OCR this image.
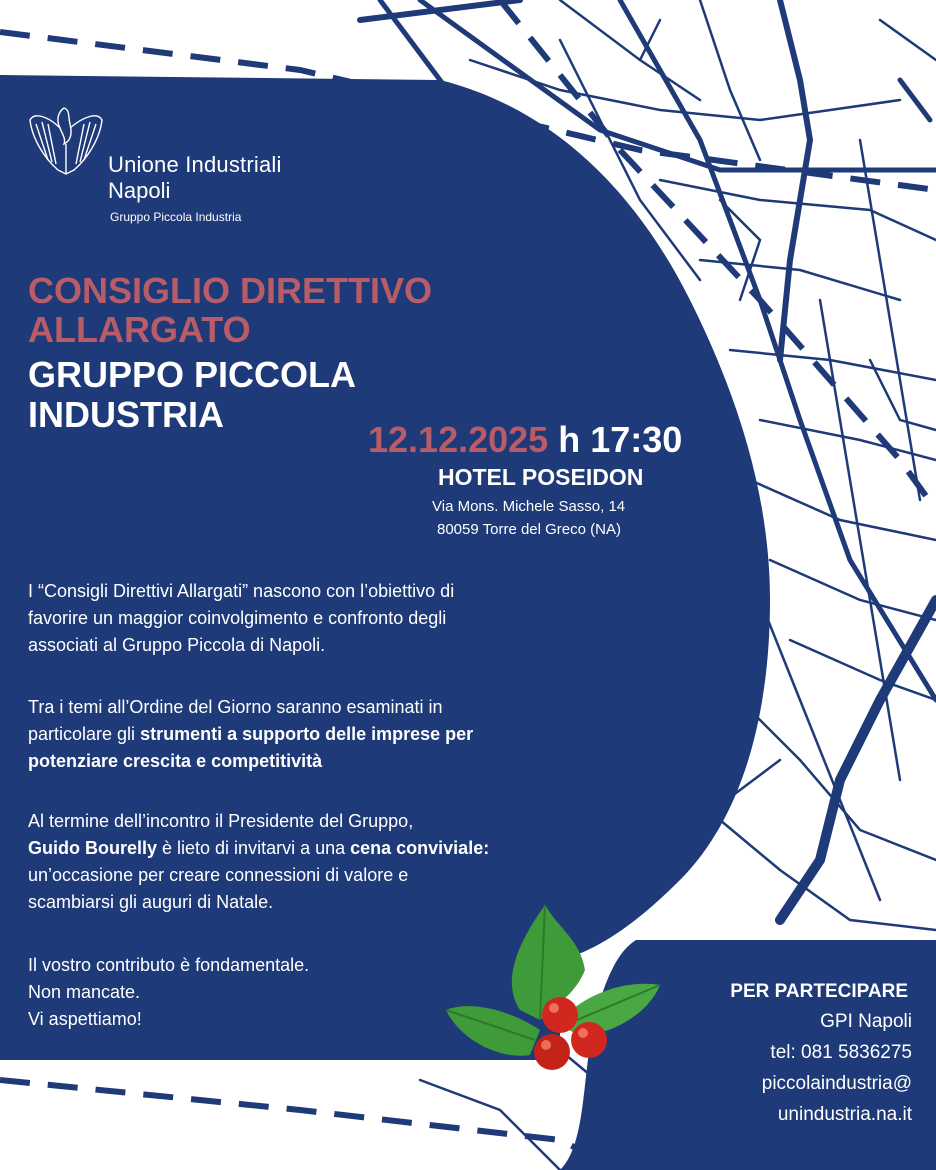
Unione Industriali
Napoli
Gruppo Piccola Industria
CONSIGLIO DIRETTIVO
ALLARGATO
GRUPPO PICCOLA
INDUSTRIA
12.12.2025 h 17:30
HOTEL POSEIDON
Via Mons. Michele Sasso, 14
80059 Torre del Greco (NA)
I “Consigli Direttivi Allargati” nascono con l’obiettivo di
favorire un maggior coinvolgimento e confronto degli
associati al Gruppo Piccola di Napoli.
Tra i temi all’Ordine del Giorno saranno esaminati in
particolare gli strumenti a supporto delle imprese per
potenziare crescita e competitività
Al termine dell’incontro il Presidente del Gruppo,
Guido Bourelly è lieto di invitarvi a una cena conviviale:
un’occasione per creare connessioni di valore e
scambiarsi gli auguri di Natale.
Il vostro contributo è fondamentale.
Non mancate.
Vi aspettiamo!
PER PARTECIPARE
GPI Napoli
tel: 081 5836275
piccolaindustria@
unindustria.na.it
